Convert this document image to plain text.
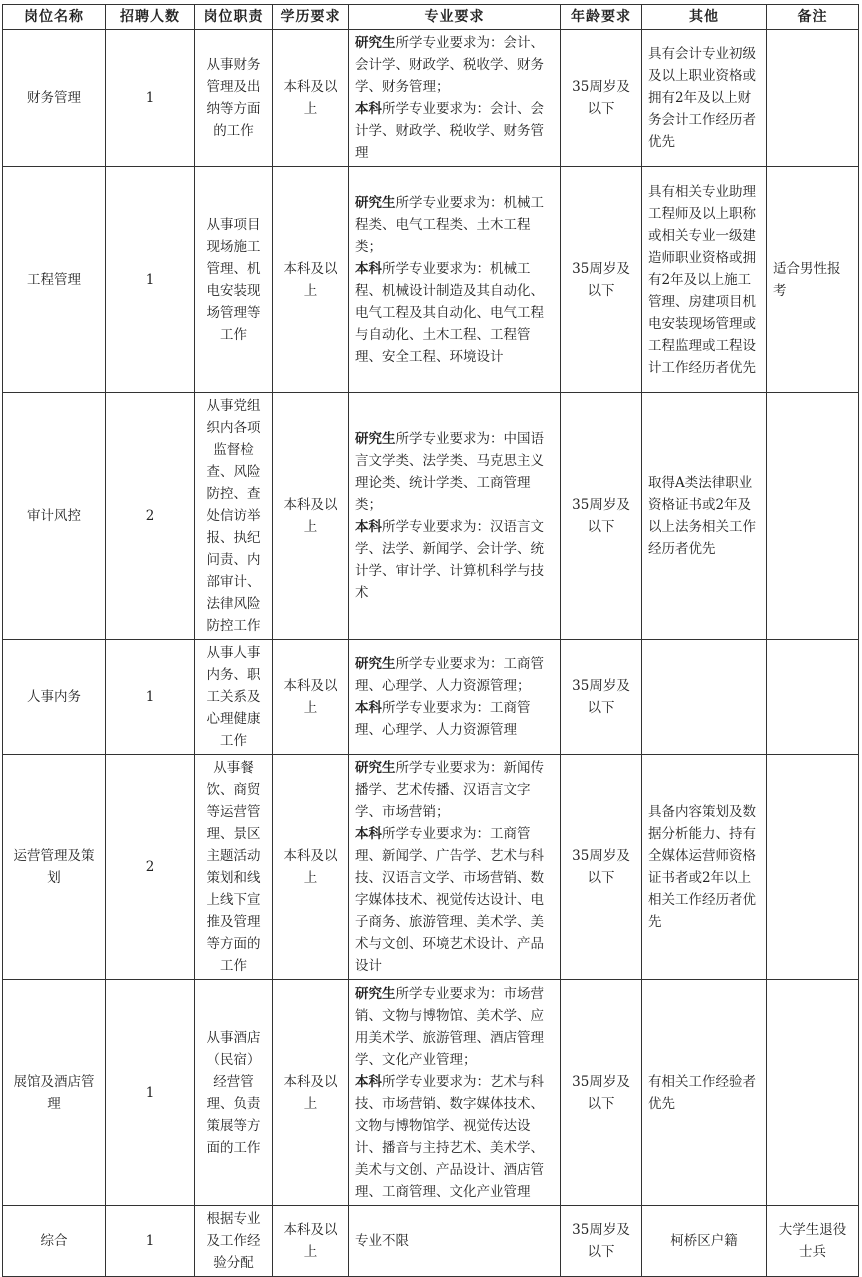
岗位名称	招聘人数	岗位职责	学历要求	专业要求	年龄要求	其他	备注
财务管理	1	从事财务管理及出纳等方面的工作	本科及以上	研究生所学专业要求为：会计、会计学、财政学、税收学、财务学、财务管理；
本科所学专业要求为：会计、会计学、财政学、税收学、财务管理	35周岁及以下	具有会计专业初级及以上职业资格或拥有2年及以上财务会计工作经历者优先	
工程管理	1	从事项目现场施工管理、机电安装现场管理等工作	本科及以上	研究生所学专业要求为：机械工程类、电气工程类、土木工程类；
本科所学专业要求为：机械工程、机械设计制造及其自动化、电气工程及其自动化、电气工程与自动化、土木工程、工程管理、安全工程、环境设计	35周岁及以下	具有相关专业助理工程师及以上职称或相关专业一级建造师职业资格或拥有2年及以上施工管理、房建项目机电安装现场管理或工程监理或工程设计工作经历者优先	适合男性报考
审计风控	2	从事党组织内各项监督检查、风险防控、查处信访举报、执纪问责、内部审计、法律风险防控工作	本科及以上	研究生所学专业要求为：中国语言文学类、法学类、马克思主义理论类、统计学类、工商管理类；
本科所学专业要求为：汉语言文学、法学、新闻学、会计学、统计学、审计学、计算机科学与技术	35周岁及以下	取得A类法律职业资格证书或2年及以上法务相关工作经历者优先	
人事内务	1	从事人事内务、职工关系及心理健康工作	本科及以上	研究生所学专业要求为：工商管理、心理学、人力资源管理；
本科所学专业要求为：工商管理、心理学、人力资源管理	35周岁及以下		
运营管理及策划	2	从事餐饮、商贸等运营管理、景区主题活动策划和线上线下宣推及管理等方面的工作	本科及以上	研究生所学专业要求为：新闻传播学、艺术传播、汉语言文字学、市场营销；
本科所学专业要求为：工商管理、新闻学、广告学、艺术与科技、汉语言文学、市场营销、数字媒体技术、视觉传达设计、电子商务、旅游管理、美术学、美术与文创、环境艺术设计、产品设计	35周岁及以下	具备内容策划及数据分析能力、持有全媒体运营师资格证书者或2年以上相关工作经历者优先	
展馆及酒店管理	1	从事酒店（民宿）经营管理、负责策展等方面的工作	本科及以上	研究生所学专业要求为：市场营销、文物与博物馆、美术学、应用美术学、旅游管理、酒店管理学、文化产业管理；
本科所学专业要求为：艺术与科技、市场营销、数字媒体技术、文物与博物馆学、视觉传达设计、播音与主持艺术、美术学、美术与文创、产品设计、酒店管理、工商管理、文化产业管理	35周岁及以下	有相关工作经验者优先	
综合	1	根据专业及工作经验分配	本科及以上	专业不限	35周岁及以下	柯桥区户籍	大学生退役士兵
